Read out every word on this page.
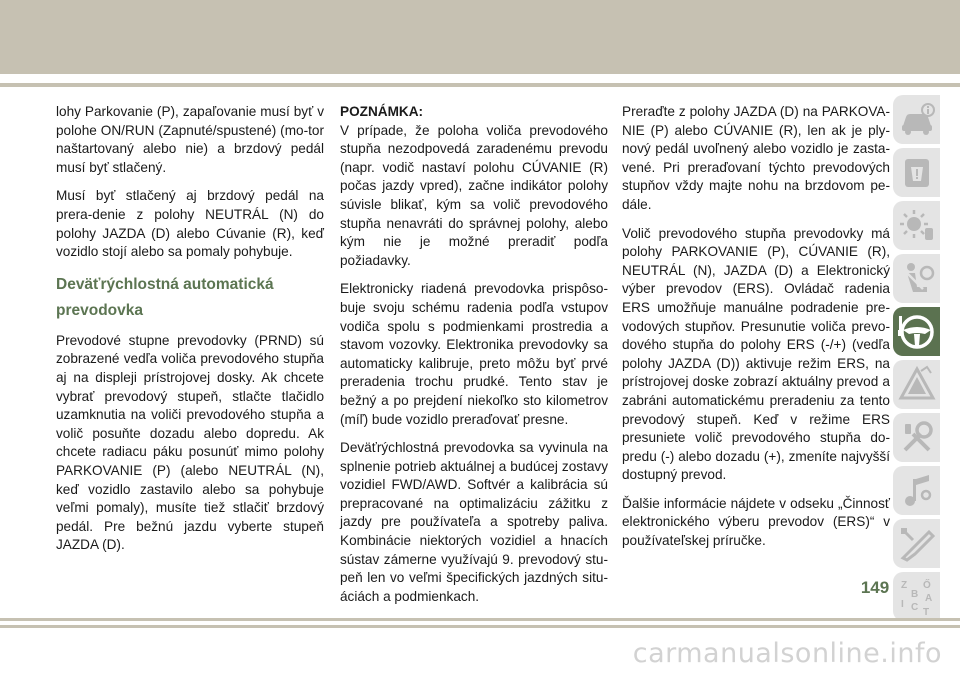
lohy Parkovanie (P), zapaľovanie musí byť v polohe ON/RUN (Zapnuté/spustené) (mo-tor naštartovaný alebo nie) a brzdový pedál musí byť stlačený.

Musí byť stlačený aj brzdový pedál na prera-denie z polohy NEUTRÁL (N) do polohy JAZDA (D) alebo Cúvanie (R), keď vozidlo stojí alebo sa pomaly pohybuje.

Deväťrýchlostná automatická prevodovka

Prevodové stupne prevodovky (PRND) sú zobrazené vedľa voliča prevodového stupňa aj na displeji prístrojovej dosky. Ak chcete vybrať prevodový stupeň, stlačte tlačidlo uzamknutia na voliči prevodového stupňa a volič posuňte dozadu alebo dopredu. Ak chcete radiacu páku posunúť mimo polohy PARKOVANIE (P) (alebo NEUTRÁL (N), keď vozidlo zastavilo alebo sa pohybuje veľmi pomaly), musíte tiež stlačiť brzdový pedál. Pre bežnú jazdu vyberte stupeň JAZDA (D).

POZNÁMKA:

V prípade, že poloha voliča prevodového stupňa nezodpovedá zaradenému prevodu (napr. vodič nastaví polohu CÚVANIE (R) počas jazdy vpred), začne indikátor polohy súvisle blikať, kým sa volič prevodového stupňa nenavráti do správnej polohy, alebo kým nie je možné preradiť podľa požiadavky.

Elektronicky riadená prevodovka prispôso-buje svoju schému radenia podľa vstupov vodiča spolu s podmienkami prostredia a stavom vozovky. Elektronika prevodovky sa automaticky kalibruje, preto môžu byť prvé preradenia trochu prudké. Tento stav je bežný a po prejdení niekoľko sto kilometrov (míľ) bude vozidlo preraďovať presne.

Deväťrýchlostná prevodovka sa vyvinula na splnenie potrieb aktuálnej a budúcej zostavy vozidiel FWD/AWD. Softvér a kalibrácia sú prepracované na optimalizáciu zážitku z jazdy pre používateľa a spotreby paliva. Kombinácie niektorých vozidiel a hnacích sústav zámerne využívajú 9. prevodový stu-peň len vo veľmi špecifických jazdných situ-áciách a podmienkach.

Preraďte z polohy JAZDA (D) na PARKOVA-NIE (P) alebo CÚVANIE (R), len ak je ply-nový pedál uvoľnený alebo vozidlo je zasta-vené. Pri preraďovaní týchto prevodových stupňov vždy majte nohu na brzdovom pe-dále.

Volič prevodového stupňa prevodovky má polohy PARKOVANIE (P), CÚVANIE (R), NEUTRÁL (N), JAZDA (D) a Elektronický výber prevodov (ERS). Ovládač radenia ERS umožňuje manuálne podradenie pre-vodových stupňov. Presunutie voliča prevo-dového stupňa do polohy ERS (-/+) (vedľa polohy JAZDA (D)) aktivuje režim ERS, na prístrojovej doske zobrazí aktuálny prevod a zabráni automatickému preradeniu za tento prevodový stupeň. Keď v režime ERS presuniete volič prevodového stupňa do-predu (-) alebo dozadu (+), zmeníte najvyšší dostupný prevod.

Ďalšie informácie nájdete v odseku „Činnosť elektronického výberu prevodov (ERS)“ v používateľskej príručke.

Z Ő
B A
I C T
149
carmanualsonline.info
